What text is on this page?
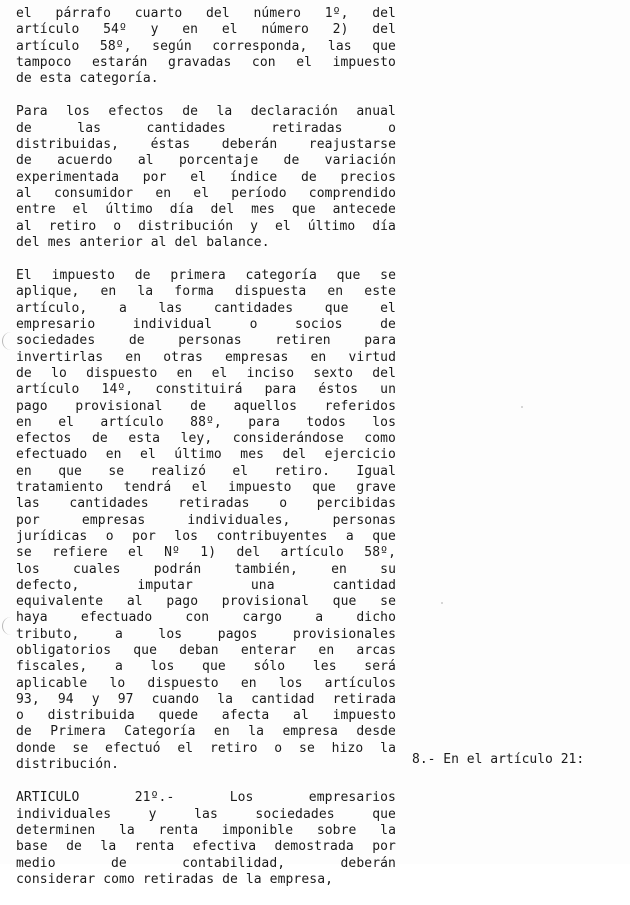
el párrafo cuarto del número 1º, del
artículo 54º y en el número 2) del
artículo 58º, según corresponda, las que
tampoco estarán gravadas con el impuesto
de esta categoría.
Para los efectos de la declaración anual
de las cantidades retiradas o
distribuidas, éstas deberán reajustarse
de acuerdo al porcentaje de variación
experimentada por el índice de precios
al consumidor en el período comprendido
entre el último día del mes que antecede
al retiro o distribución y el último día
del mes anterior al del balance.
El impuesto de primera categoría que se
aplique, en la forma dispuesta en este
artículo, a las cantidades que el
empresario individual o socios de
sociedades de personas retiren para
invertirlas en otras empresas en virtud
de lo dispuesto en el inciso sexto del
artículo 14º, constituirá para éstos un
pago provisional de aquellos referidos
en el artículo 88º, para todos los
efectos de esta ley, considerándose como
efectuado en el último mes del ejercicio
en que se realizó el retiro. Igual
tratamiento tendrá el impuesto que grave
las cantidades retiradas o percibidas
por empresas individuales, personas
jurídicas o por los contribuyentes a que
se refiere el Nº 1) del artículo 58º,
los cuales podrán también, en su
defecto, imputar una cantidad
equivalente al pago provisional que se
haya efectuado con cargo a dicho
tributo, a los pagos provisionales
obligatorios que deban enterar en arcas
fiscales, a los que sólo les será
aplicable lo dispuesto en los artículos
93, 94 y 97 cuando la cantidad retirada
o distribuida quede afecta al impuesto
de Primera Categoría en la empresa desde
donde se efectuó el retiro o se hizo la
distribución.
ARTICULO 21º.- Los empresarios
individuales y las sociedades que
determinen la renta imponible sobre la
base de la renta efectiva demostrada por
medio de contabilidad, deberán
considerar como retiradas de la empresa,
8.- En el artículo 21:
